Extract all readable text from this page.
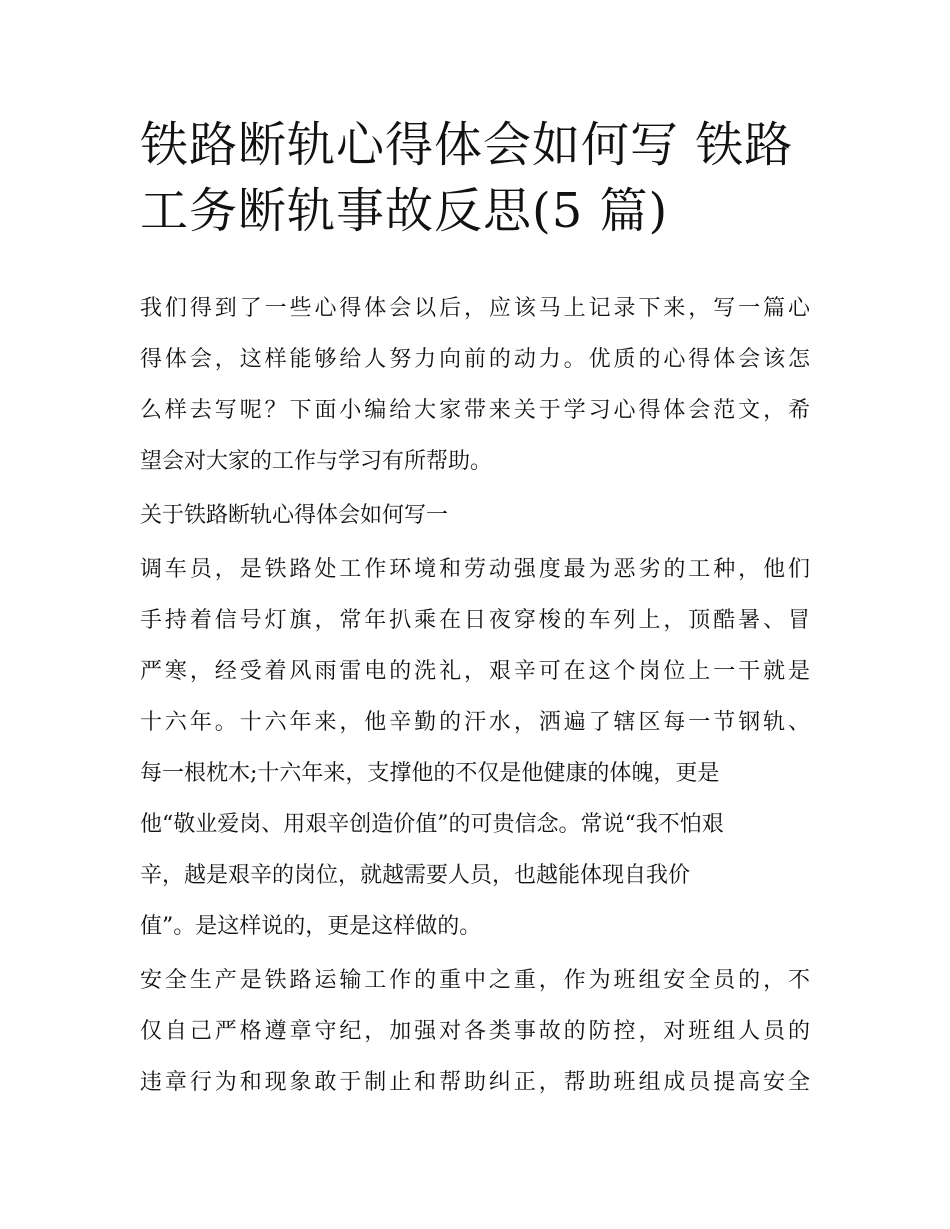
铁路断轨心得体会如何写 铁路
工务断轨事故反思(5 篇)

我们得到了一些心得体会以后，应该马上记录下来，写一篇心
得体会，这样能够给人努力向前的动力。优质的心得体会该怎
么样去写呢？下面小编给大家带来关于学习心得体会范文，希
望会对大家的工作与学习有所帮助。

关于铁路断轨心得体会如何写一

调车员，是铁路处工作环境和劳动强度最为恶劣的工种，他们
手持着信号灯旗，常年扒乘在日夜穿梭的车列上，顶酷暑、冒
严寒，经受着风雨雷电的洗礼，艰辛可在这个岗位上一干就是
十六年。十六年来，他辛勤的汗水，洒遍了辖区每一节钢轨、
每一根枕木;十六年来，支撑他的不仅是他健康的体魄，更是
他“敬业爱岗、用艰辛创造价值”的可贵信念。常说“我不怕艰
辛，越是艰辛的岗位，就越需要人员，也越能体现自我价
值”。是这样说的，更是这样做的。

安全生产是铁路运输工作的重中之重，作为班组安全员的，不
仅自己严格遵章守纪，加强对各类事故的防控，对班组人员的
违章行为和现象敢于制止和帮助纠正，帮助班组成员提高安全
